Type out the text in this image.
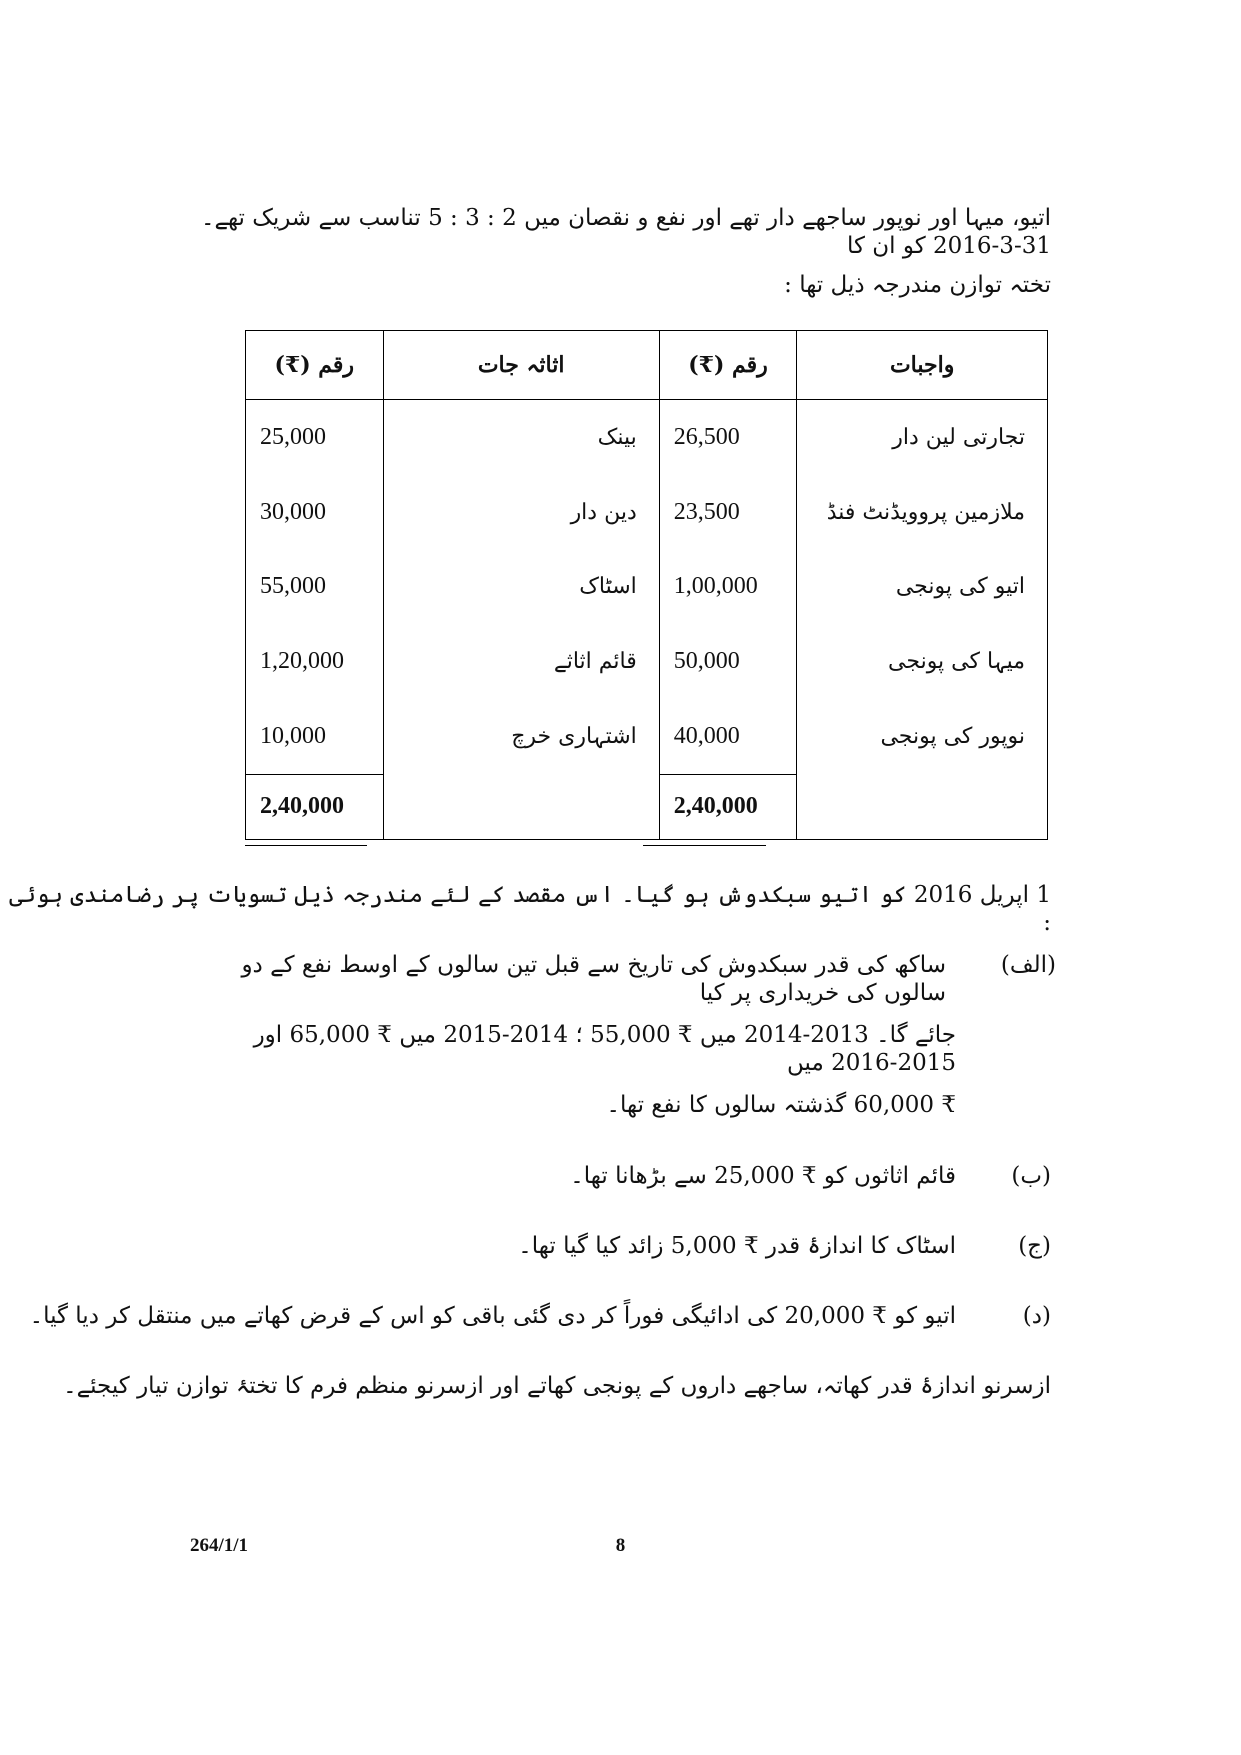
اتیو، میہا اور نوپور ساجھے دار تھے اور نفع و نقصان میں 2 : 3 : 5 تناسب سے شریک تھے۔ 31-3-2016 کو ان کا
تختہ توازن مندرجہ ذیل تھا :
واجبات	رقم (₹)	اثاثہ جات	رقم (₹)
تجارتی لین دار	26,500	بینک	25,000
ملازمین پروویڈنٹ فنڈ	23,500	دین دار	30,000
اتیو کی پونجی	1,00,000	اسٹاک	55,000
میہا کی پونجی	50,000	قائم اثاثے	1,20,000
نوپور کی پونجی	40,000	اشتہاری خرچ	10,000
	2,40,000		2,40,000
1 اپریل 2016 کو اتیو سبکدوش ہو گیا۔ اس مقصد کے لئے مندرجہ ذیل تسویات پر رضامندی ہوئی :
(الف)
ساکھ کی قدر سبکدوش کی تاریخ سے قبل تین سالوں کے اوسط نفع کے دو سالوں کی خریداری پر کیا
جائے گا۔ 2013-2014 میں ₹ 55,000 ؛ 2014-2015 میں ₹ 65,000 اور 2015-2016 میں
₹ 60,000 گذشتہ سالوں کا نفع تھا۔
(ب)
قائم اثاثوں کو ₹ 25,000 سے بڑھانا تھا۔
(ج)
اسٹاک کا اندازۂ قدر ₹ 5,000 زائد کیا گیا تھا۔
(د)
اتیو کو ₹ 20,000 کی ادائیگی فوراً کر دی گئی باقی کو اس کے قرض کھاتے میں منتقل کر دیا گیا۔
ازسرنو اندازۂ قدر کھاتہ، ساجھے داروں کے پونجی کھاتے اور ازسرنو منظم فرم کا تختۂ توازن تیار کیجئے۔
264/1/1	8
